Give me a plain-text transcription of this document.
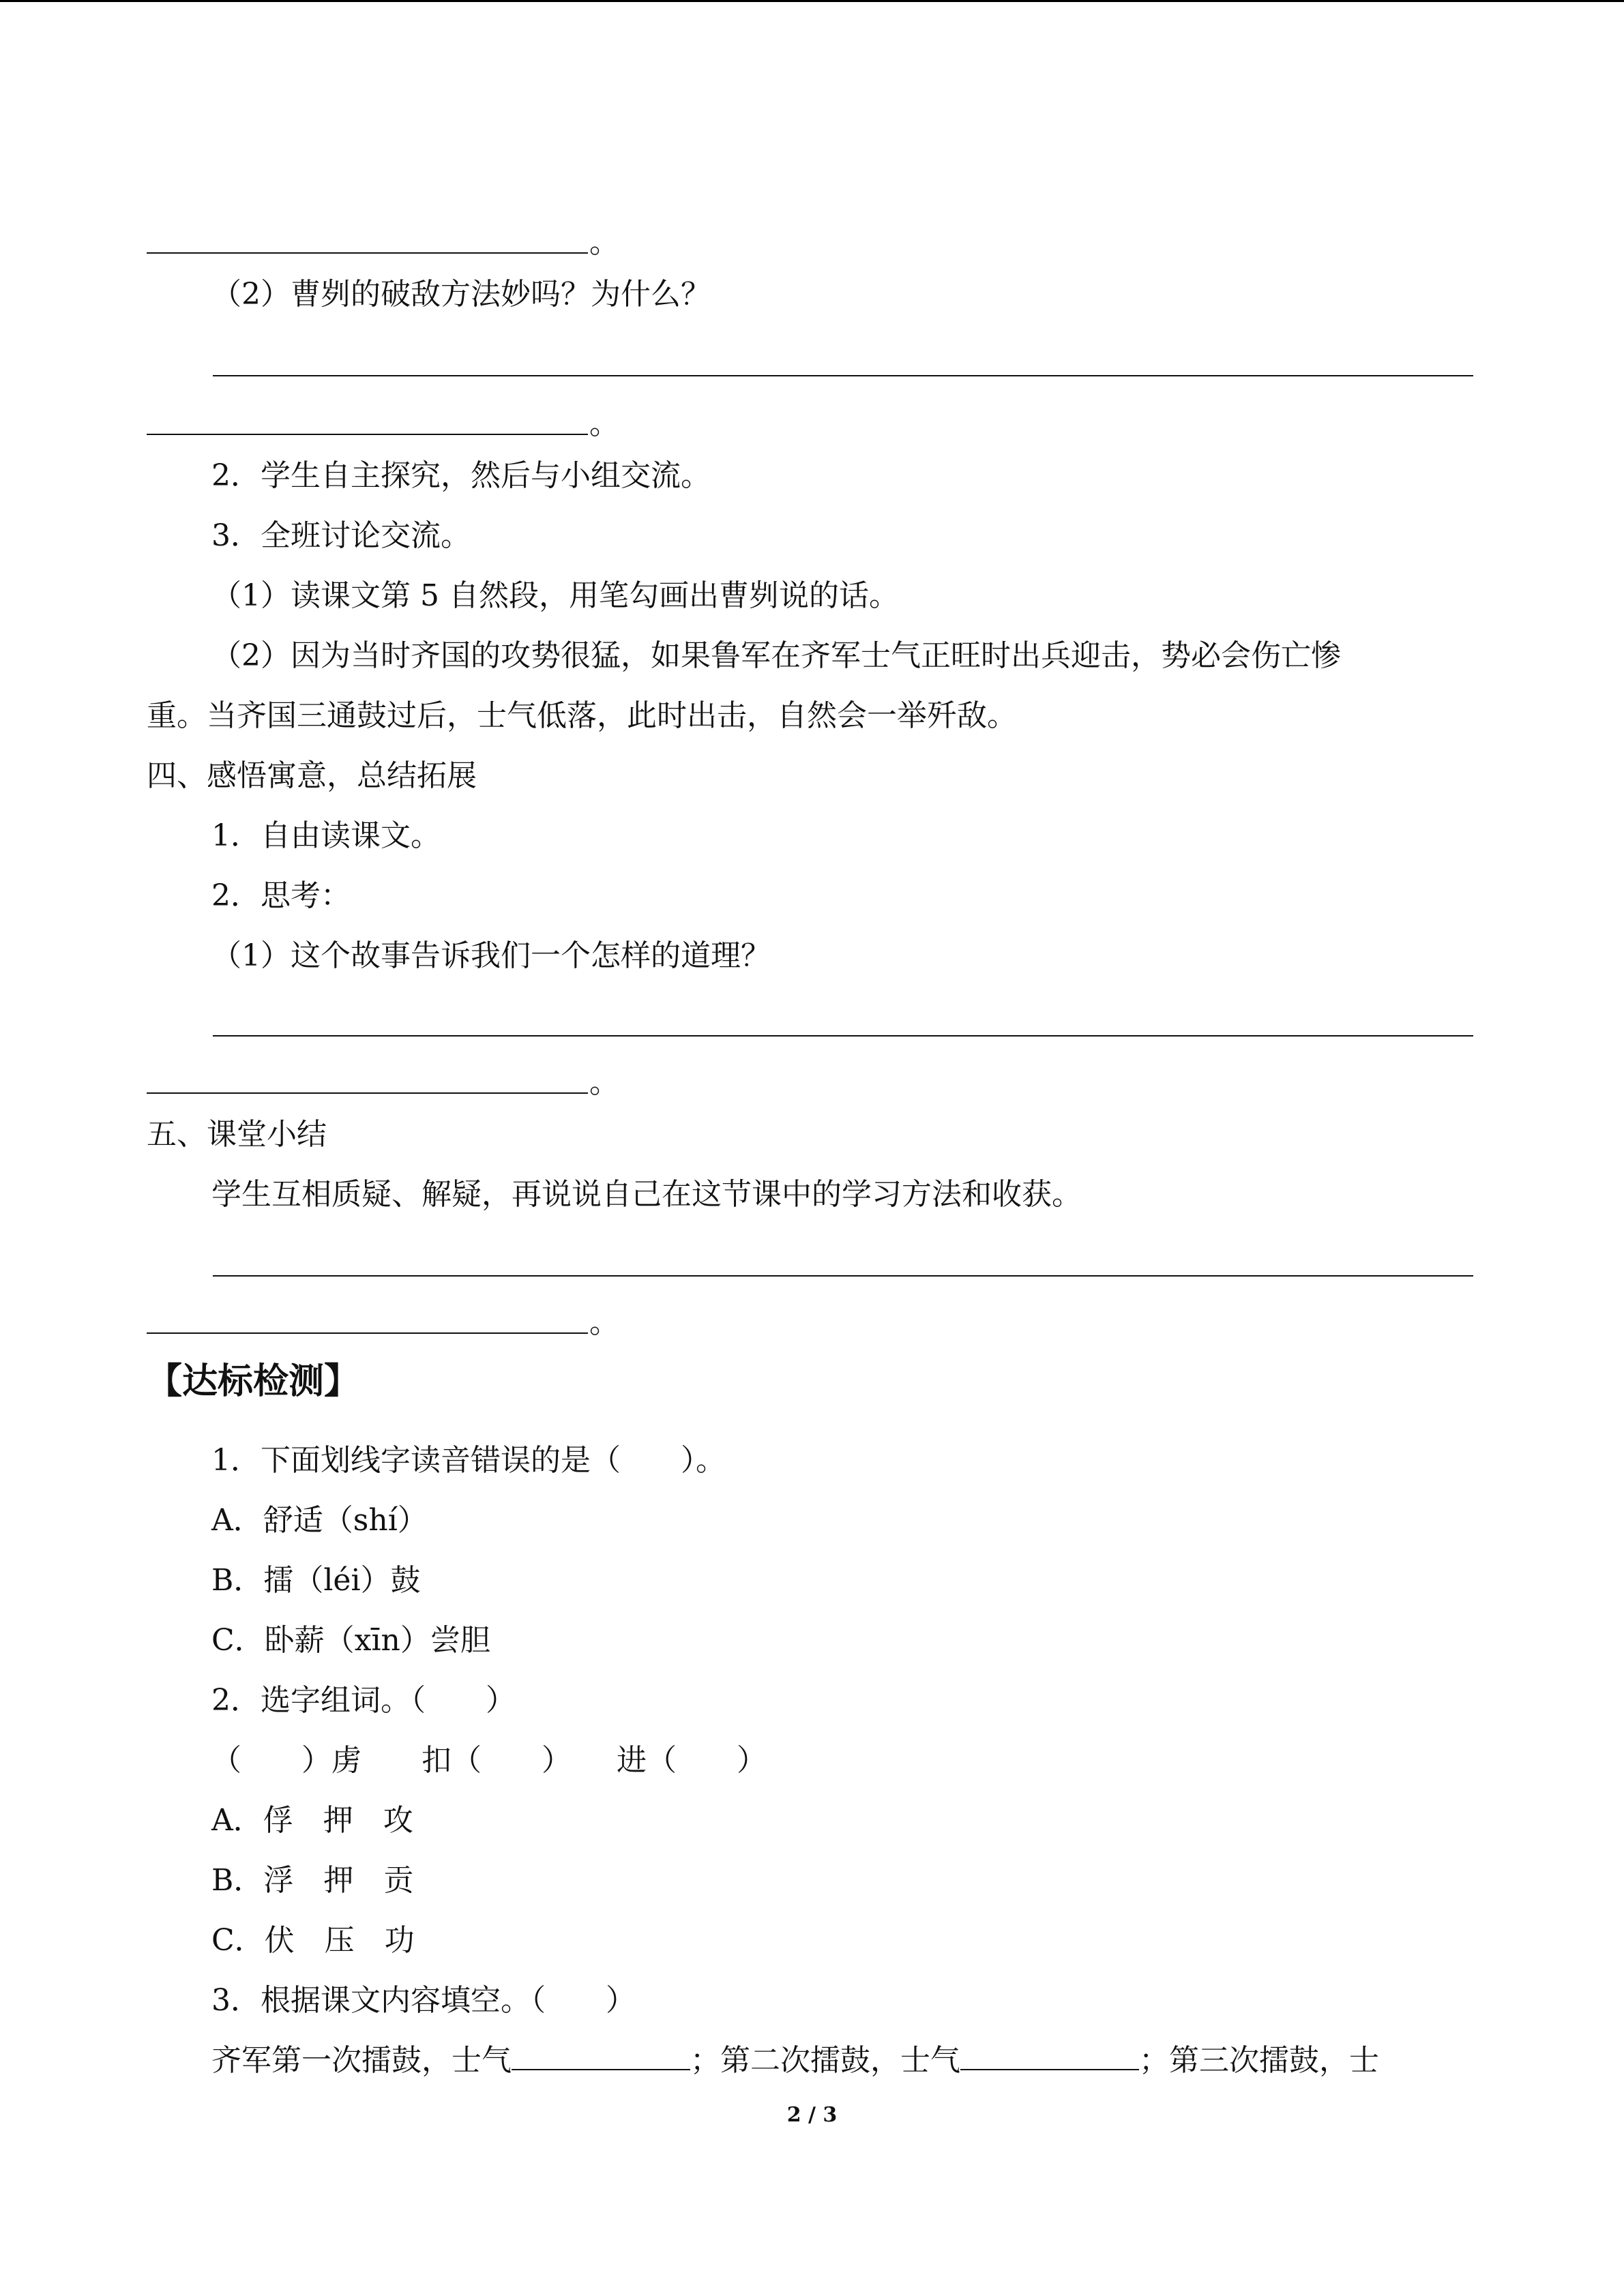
。
（2）曹刿的破敌方法妙吗？为什么？
。
2．学生自主探究，然后与小组交流。
3．全班讨论交流。
（1）读课文第 5 自然段，用笔勾画出曹刿说的话。
（2）因为当时齐国的攻势很猛，如果鲁军在齐军士气正旺时出兵迎击，势必会伤亡惨
重。当齐国三通鼓过后，士气低落，此时出击，自然会一举歼敌。
四、感悟寓意，总结拓展
1．自由读课文。
2．思考：
（1）这个故事告诉我们一个怎样的道理？
。
五、课堂小结
学生互相质疑、解疑，再说说自己在这节课中的学习方法和收获。
。
【达标检测】
1．下面划线字读音错误的是（　　）。
A．舒适（shí）
B．擂（léi）鼓
C．卧薪（xīn）尝胆
2．选字组词。（　　）
（　　）虏　　扣（　　）　　进（　　）
A．俘　押　攻
B．浮　押　贡
C．伏　压　功
3．根据课文内容填空。（　　）
齐军第一次擂鼓，士气	；第二次擂鼓，士气	；第三次擂鼓，士
2 / 3
